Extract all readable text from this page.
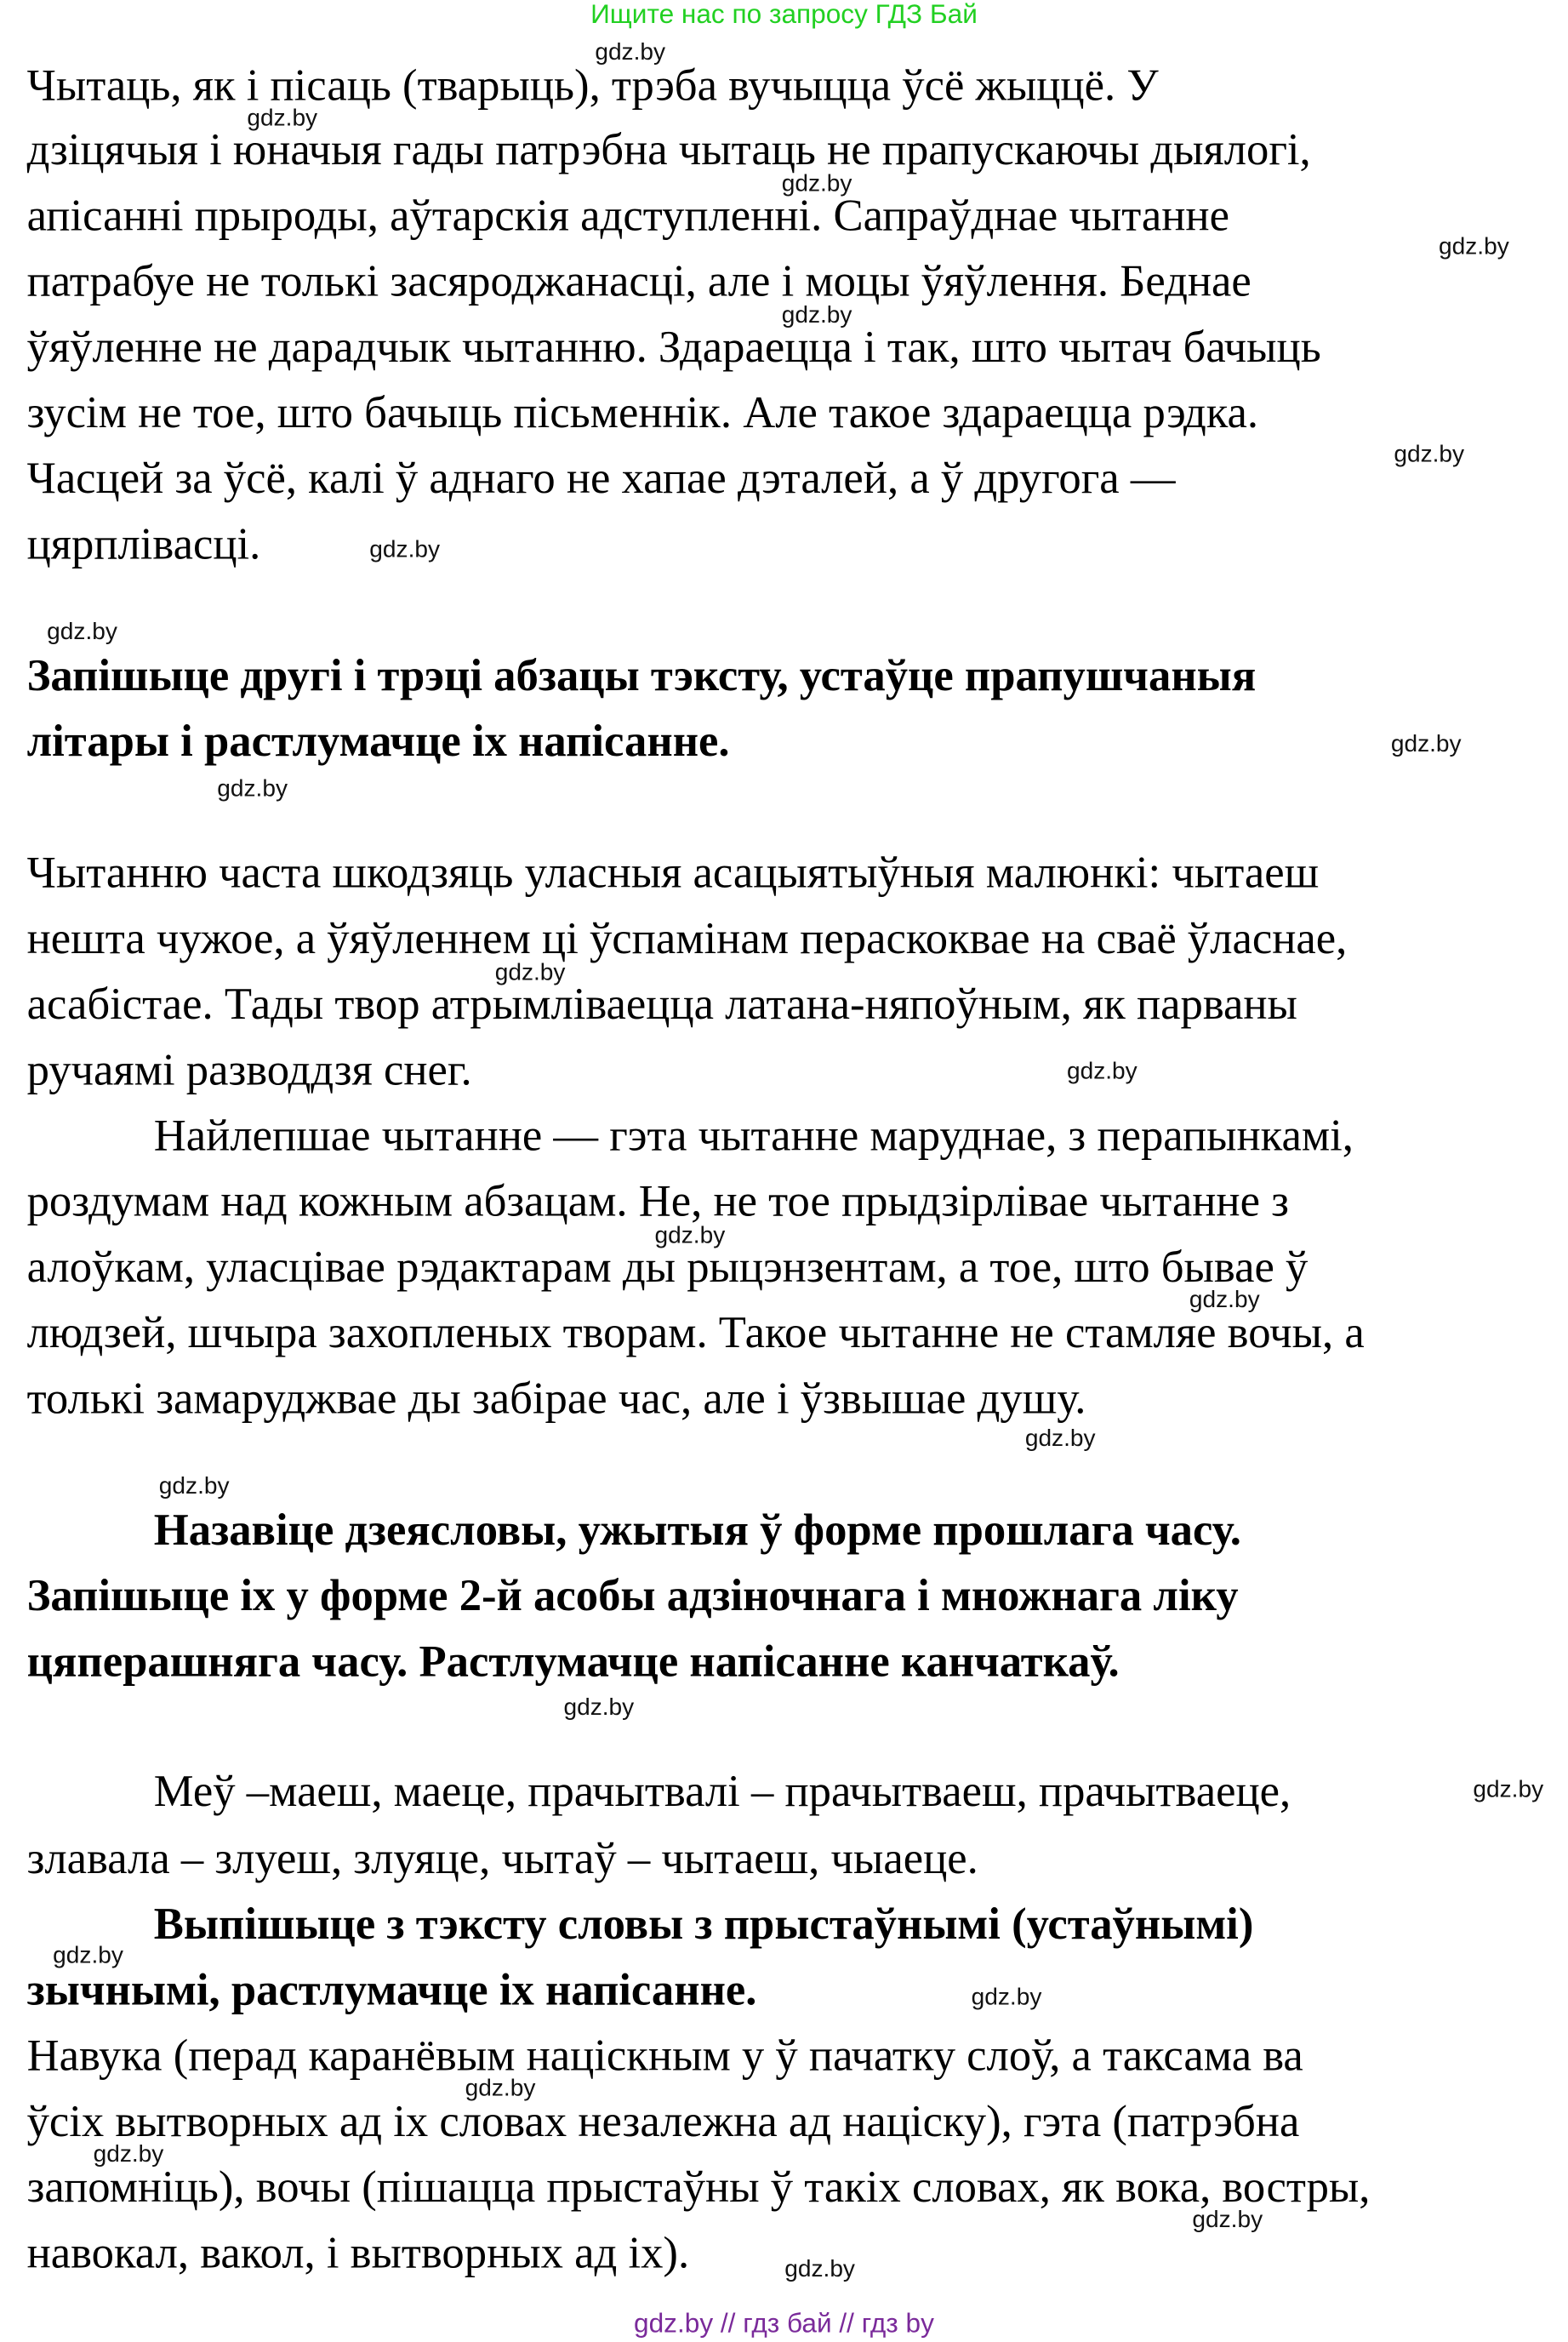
Ищите нас по запросу ГДЗ Бай
Чытаць, як і пісаць (тварыць), трэба вучыцца ўсё жыццё. У
дзіцячыя і юначыя гады патрэбна чытаць не прапускаючы дыялогі,
апісанні прыроды, аўтарскія адступленні. Сапраўднае чытанне
патрабуе не толькі засяроджанасці, але і моцы ўяўлення. Беднае
ўяўленне не дарадчык чытанню. Здараецца і так, што чытач бачыць
зусім не тое, што бачыць пісьменнік. Але такое здараецца рэдка.
Часцей за ўсё, калі ў аднаго не хапае дэталей, а ў другога —
цярплівасці.
Запішыце другі і трэці абзацы тэксту, устаўце прапушчаныя
літары і растлумачце іх напісанне.
Чытанню часта шкодзяць уласныя асацыятыўныя малюнкі: чытаеш
нешта чужое, а ўяўленнем ці ўспамінам пераскоквае на сваё ўласнае,
асабістае. Тады твор атрымліваецца латана-няпоўным, як парваны
ручаямі разводдзя снег.
Найлепшае чытанне — гэта чытанне маруднае, з перапынкамі,
роздумам над кожным абзацам. Не, не тое прыдзірлівае чытанне з
алоўкам, уласцівае рэдактарам ды рыцэнзентам, а тое, што бывае ў
людзей, шчыра захопленых творам. Такое чытанне не стамляе вочы, а
толькі замаруджвае ды забірае час, але і ўзвышае душу.
Назавіце дзеясловы, ужытыя ў форме прошлага часу.
Запішыце іх у форме 2-й асобы адзіночнага і множнага ліку
цяперашняга часу. Растлумачце напісанне канчаткаў.
Меў –маеш, маеце, прачытвалі – прачытваеш, прачытваеце,
злавала – злуеш, злуяце, чытаў – чытаеш, чыаеце.
Выпішыце з тэксту словы з прыстаўнымі (устаўнымі)
зычнымі, растлумачце іх напісанне.
Навука (перад каранёвым націскным у ў пачатку слоў, а таксама ва
ўсіх вытворных ад іх словах незалежна ад націску), гэта (патрэбна
запомніць), вочы (пішацца прыстаўны ў такіх словах, як вока, востры,
навокал, вакол, і вытворных ад іх).
gdz.by
gdz.by
gdz.by
gdz.by
gdz.by
gdz.by
gdz.by
gdz.by
gdz.by
gdz.by
gdz.by
gdz.by
gdz.by
gdz.by
gdz.by
gdz.by
gdz.by
gdz.by
gdz.by
gdz.by
gdz.by
gdz.by
gdz.by
gdz.by
gdz.by // гдз бай // гдз by
